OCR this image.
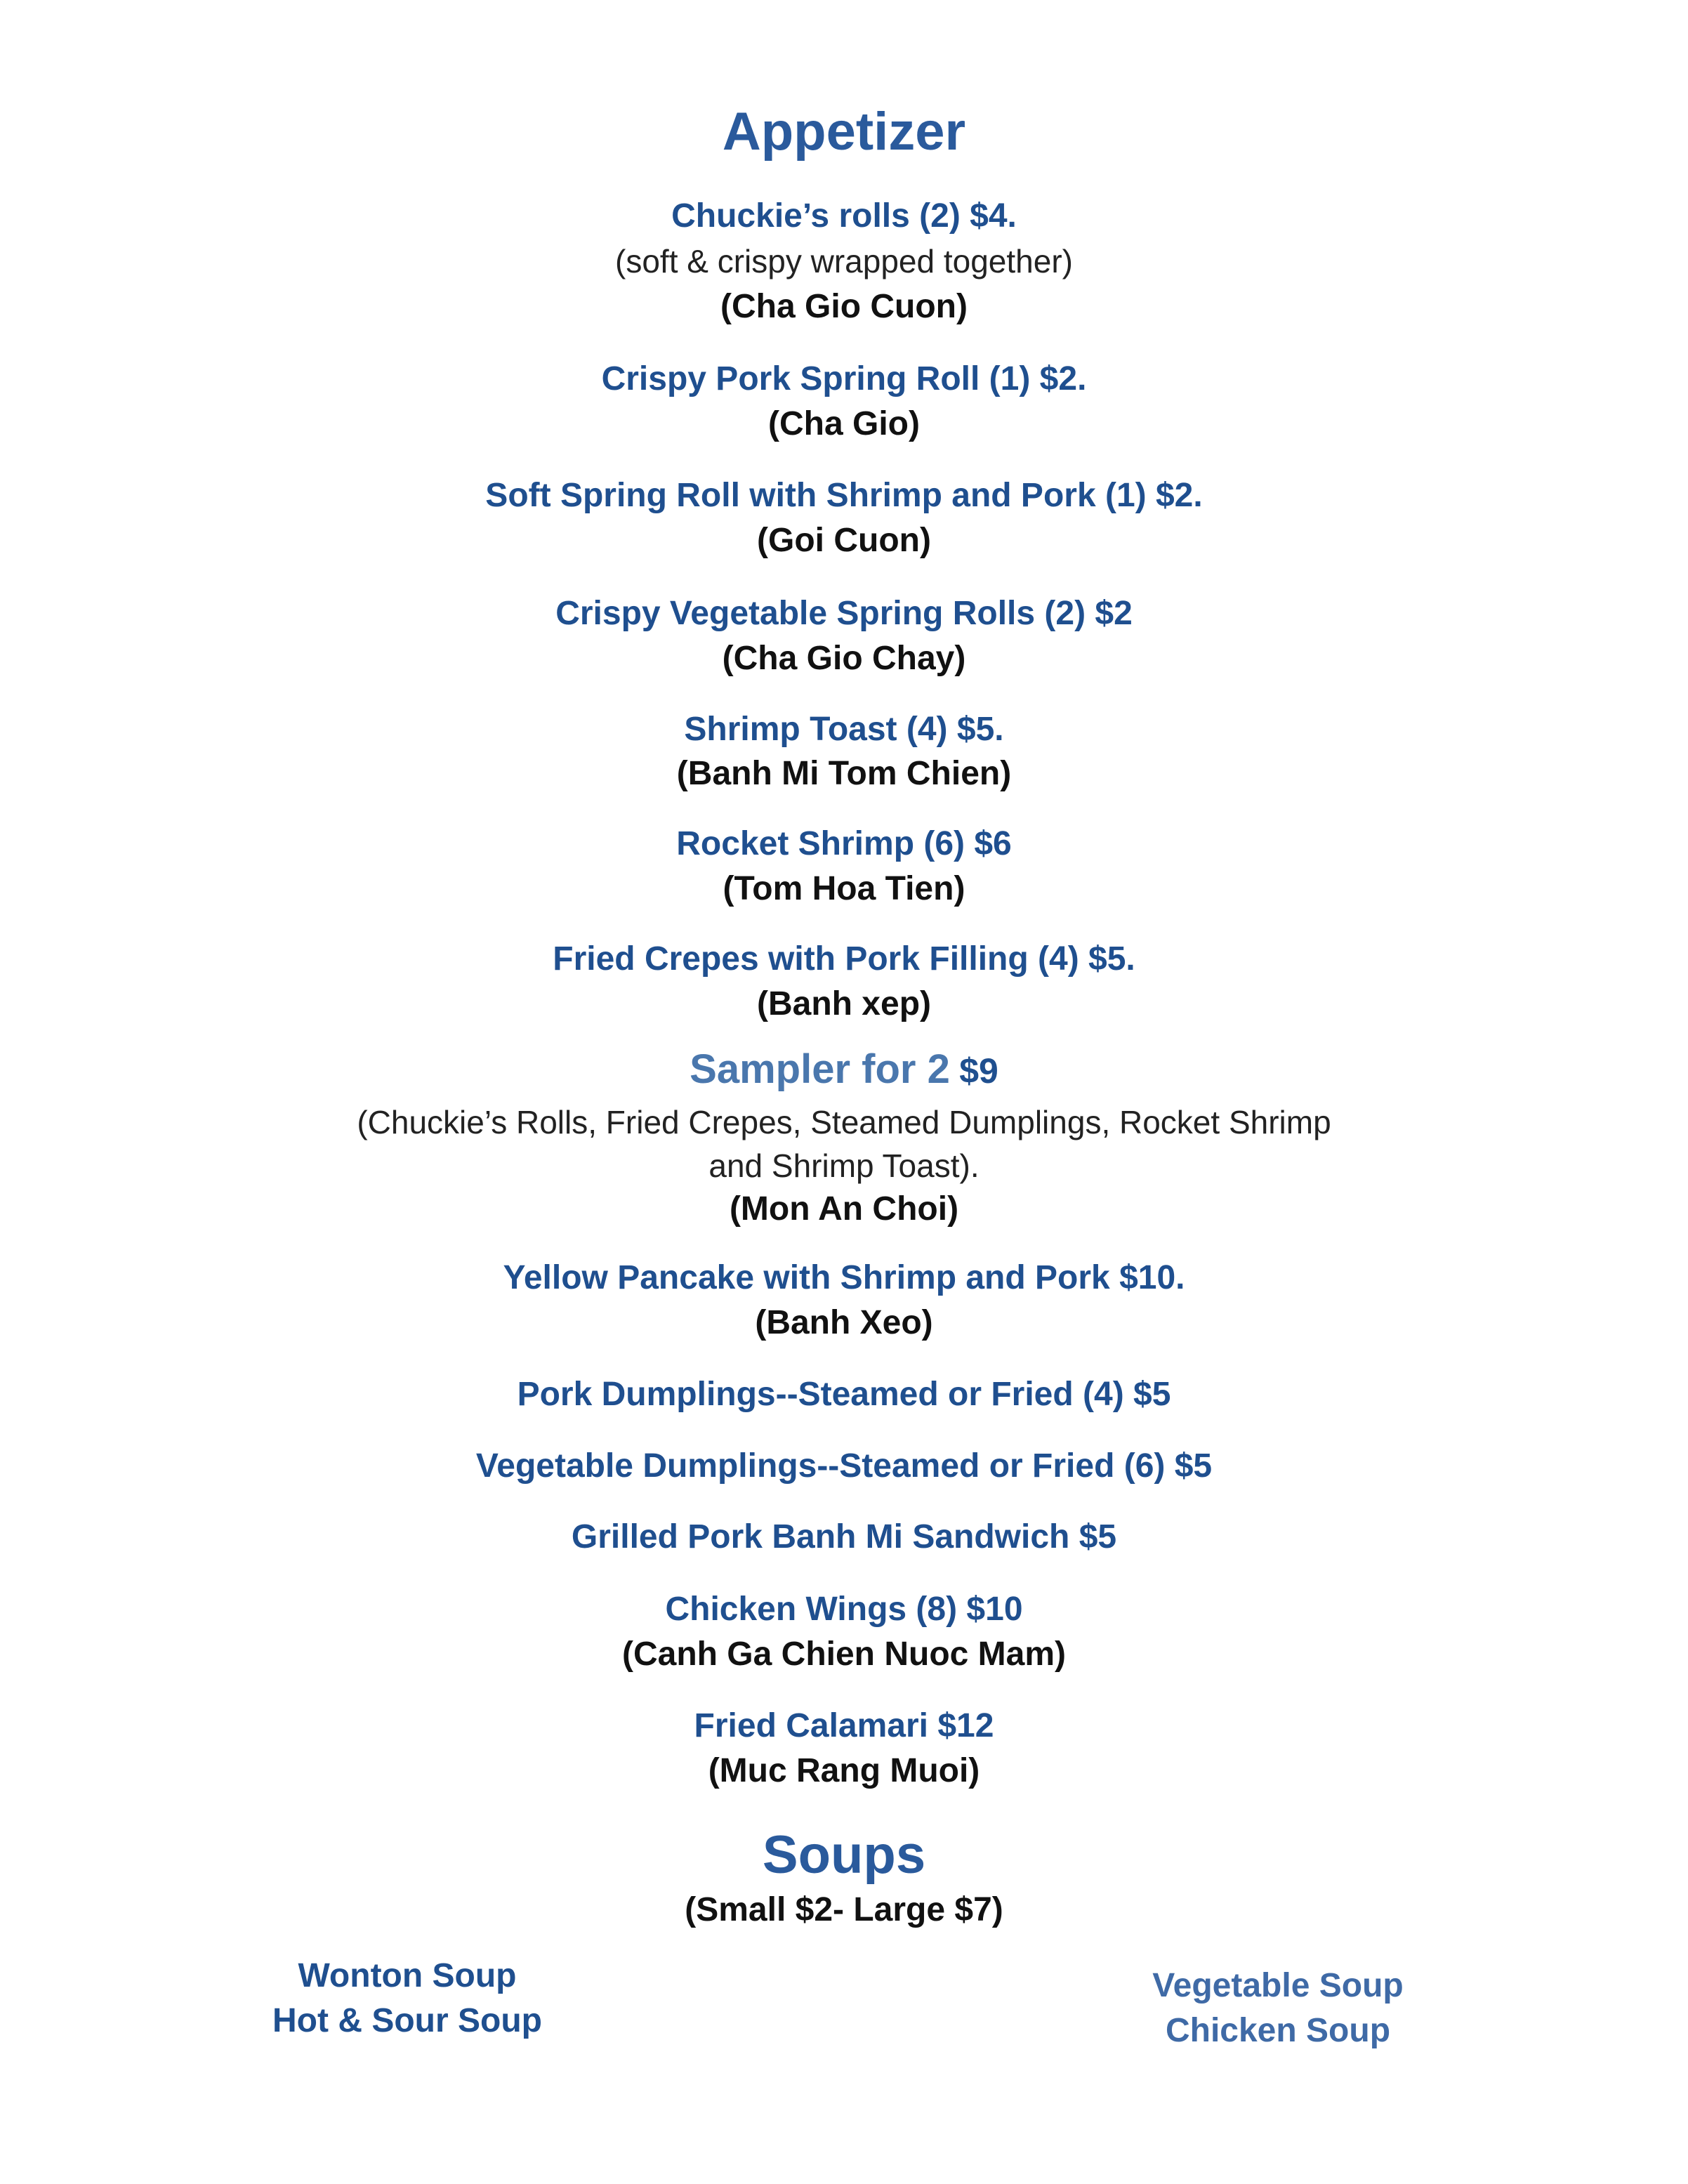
Appetizer
Chuckie’s rolls (2) $4.
(soft & crispy wrapped together)
(Cha Gio Cuon)
Crispy Pork Spring Roll (1) $2.
(Cha Gio)
Soft Spring Roll with Shrimp and Pork (1) $2.
(Goi Cuon)
Crispy Vegetable Spring Rolls (2) $2
(Cha Gio Chay)
Shrimp Toast (4) $5.
(Banh Mi Tom Chien)
Rocket Shrimp (6) $6
(Tom Hoa Tien)
Fried Crepes with Pork Filling (4) $5.
(Banh xep)
Sampler for 2 $9
(Chuckie’s Rolls, Fried Crepes, Steamed Dumplings, Rocket Shrimp
and Shrimp Toast).
(Mon An Choi)
Yellow Pancake with Shrimp and Pork $10.
(Banh Xeo)
Pork Dumplings--Steamed or Fried (4) $5
Vegetable Dumplings--Steamed or Fried (6) $5
Grilled Pork Banh Mi Sandwich $5
Chicken Wings (8) $10
(Canh Ga Chien Nuoc Mam)
Fried Calamari $12
(Muc Rang Muoi)
Soups
(Small $2- Large $7)
Wonton Soup
Hot & Sour Soup
Vegetable Soup
Chicken Soup
